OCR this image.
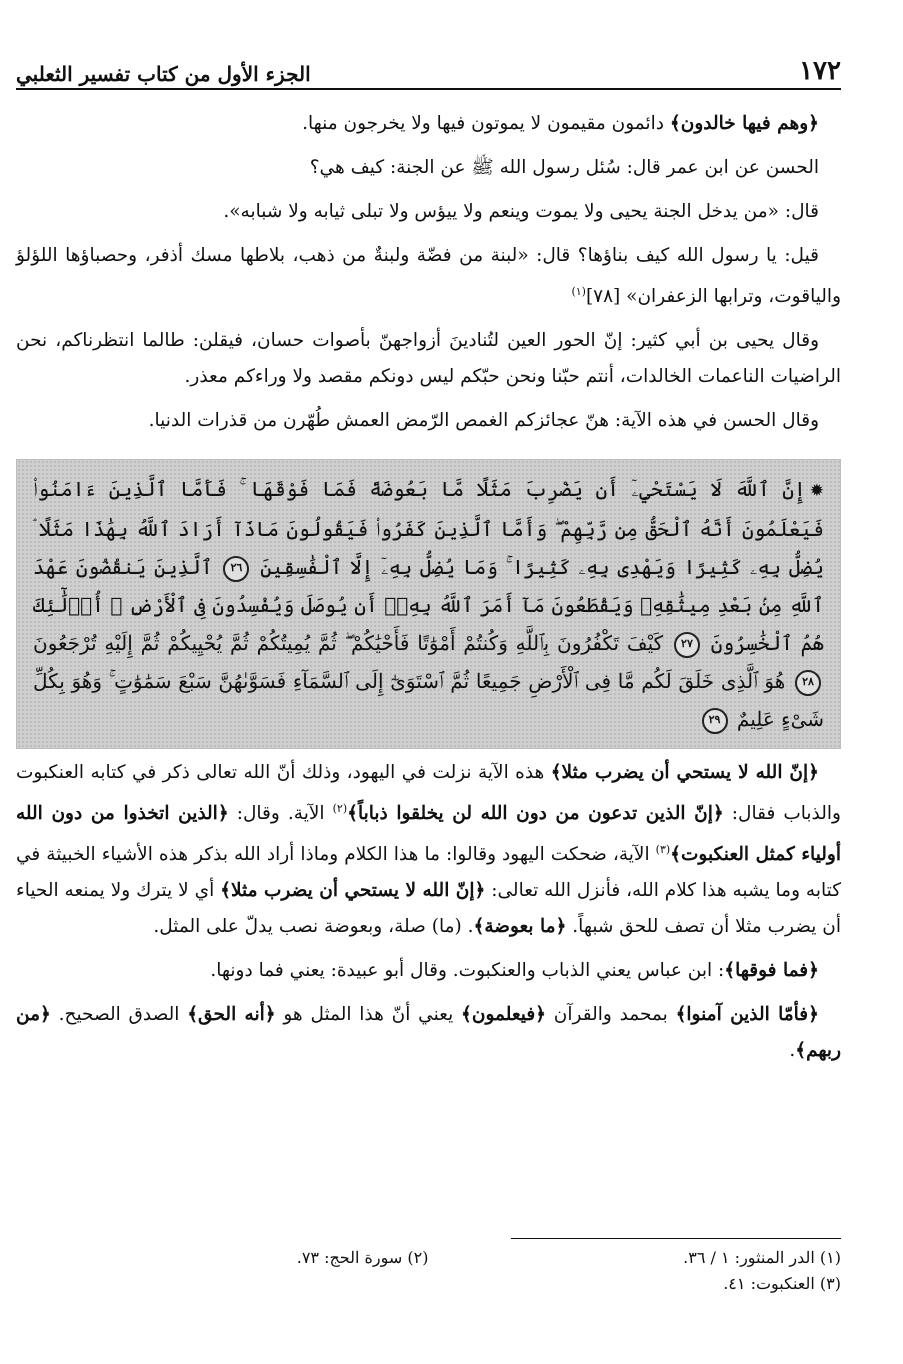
١٧٢
الجزء الأول من كتاب تفسير الثعلبي

﴿وهم فيها خالدون﴾ دائمون مقيمون لا يموتون فيها ولا يخرجون منها.

الحسن عن ابن عمر قال: سُئل رسول الله ﷺ عن الجنة: كيف هي؟

قال: «من يدخل الجنة يحيى ولا يموت وينعم ولا ييؤس ولا تبلى ثيابه ولا شبابه».

قيل: يا رسول الله كيف بناؤها؟ قال: «لبنة من فضّة ولبنةٌ من ذهب، بلاطها مسك أذفر، وحصباؤها اللؤلؤ والياقوت، وترابها الزعفران» [٧٨]$^{(١)}$

وقال يحيى بن أبي كثير: إنّ الحور العين لتُنادينَ أزواجهنّ بأصوات حسان، فيقلن: طالما انتظرناكم، نحن الراضيات الناعمات الخالدات، أنتم حبّنا ونحن حبّكم ليس دونكم مقصد ولا وراءكم معذر.

وقال الحسن في هذه الآية: هنّ عجائزكم الغمص الرّمض العمش طُهّرن من قذرات الدنيا.

✹إِنَّ ٱللَّهَ لَا يَسْتَحْيِۦٓ أَن يَضْرِبَ مَثَلًا مَّا بَعُوضَةً فَمَا فَوْقَهَا ۚ فَأَمَّا ٱلَّذِينَ ءَامَنُوا۟ فَيَعْلَمُونَ أَنَّهُ ٱلْحَقُّ مِن رَّبِّهِمْ ۖ وَأَمَّا ٱلَّذِينَ كَفَرُوا۟ فَيَقُولُونَ مَاذَآ أَرَادَ ٱللَّهُ بِهَٰذَا مَثَلًا ۘ يُضِلُّ بِهِۦ كَثِيرًا وَيَهْدِى بِهِۦ كَثِيرًا ۚ وَمَا يُضِلُّ بِهِۦٓ إِلَّا ٱلْفَٰسِقِينَ ٢٦ ٱلَّذِينَ يَنقُضُونَ عَهْدَ ٱللَّهِ مِنۢ بَعْدِ مِيثَٰقِهِۦ وَيَقْطَعُونَ مَآ أَمَرَ ٱللَّهُ بِهِۦٓ أَن يُوصَلَ وَيُفْسِدُونَ فِى ٱلْأَرْضِ ۚ أُو۟لَٰٓئِكَ هُمُ ٱلْخَٰسِرُونَ ٢٧ كَيْفَ تَكْفُرُونَ بِٱللَّهِ وَكُنتُمْ أَمْوَٰتًا فَأَحْيَٰكُمْ ۖ ثُمَّ يُمِيتُكُمْ ثُمَّ يُحْيِيكُمْ ثُمَّ إِلَيْهِ تُرْجَعُونَ ٢٨ هُوَ ٱلَّذِى خَلَقَ لَكُم مَّا فِى ٱلْأَرْضِ جَمِيعًا ثُمَّ ٱسْتَوَىٰٓ إِلَى ٱلسَّمَآءِ فَسَوَّىٰهُنَّ سَبْعَ سَمَٰوَٰتٍ ۚ وَهُوَ بِكُلِّ شَىْءٍ عَلِيمٌ ٢٩

﴿إنّ الله لا يستحي أن يضرب مثلا﴾ هذه الآية نزلت في اليهود، وذلك أنّ الله تعالى ذكر في كتابه العنكبوت والذباب فقال: ﴿إنّ الذين تدعون من دون الله لن يخلقوا ذباباً﴾$^{(٢)}$ الآية. وقال: ﴿الذين اتخذوا من دون الله أولياء كمثل العنكبوت﴾$^{(٣)}$ الآية، ضحكت اليهود وقالوا: ما هذا الكلام وماذا أراد الله بذكر هذه الأشياء الخبيثة في كتابه وما يشبه هذا كلام الله، فأنزل الله تعالى: ﴿إنّ الله لا يستحي أن يضرب مثلا﴾ أي لا يترك ولا يمنعه الحياء أن يضرب مثلا أن تصف للحق شبهاً. ﴿ما بعوضة﴾. (ما) صلة، وبعوضة نصب يدلّ على المثل.

﴿فما فوقها﴾: ابن عباس يعني الذباب والعنكبوت. وقال أبو عبيدة: يعني فما دونها.

﴿فأمّا الذين آمنوا﴾ بمحمد والقرآن ﴿فيعلمون﴾ يعني أنّ هذا المثل هو ﴿أنه الحق﴾ الصدق الصحيح. ﴿من ربهم﴾.

(١) الدر المنثور: ١ / ٣٦.
(٢) سورة الحج: ٧٣.
(٣) العنكبوت: ٤١.
